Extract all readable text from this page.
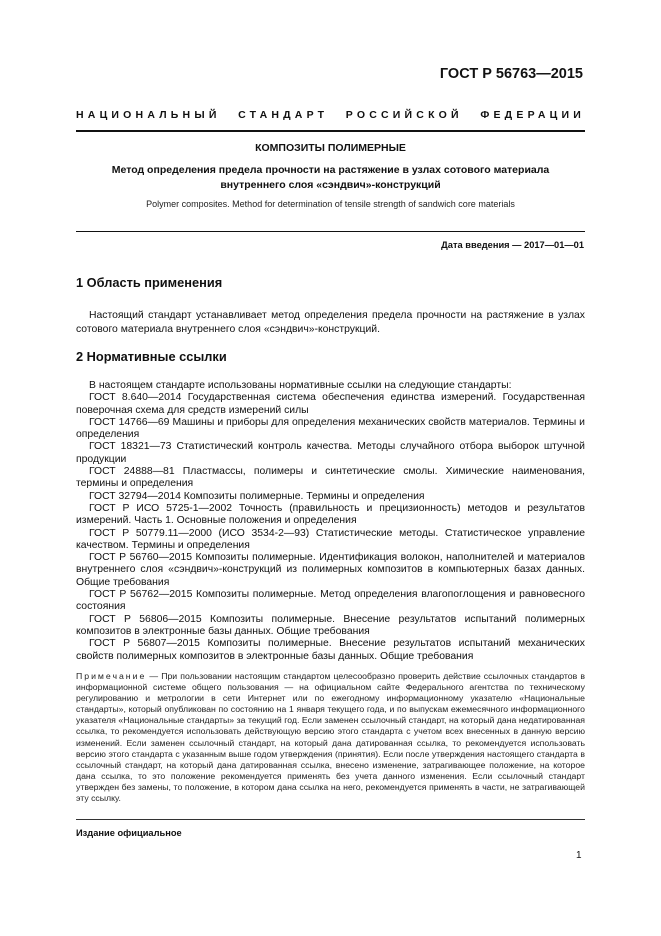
ГОСТ Р 56763—2015
НАЦИОНАЛЬНЫЙ СТАНДАРТ РОССИЙСКОЙ ФЕДЕРАЦИИ
КОМПОЗИТЫ ПОЛИМЕРНЫЕ
Метод определения предела прочности на растяжение в узлах сотового материала
внутреннего слоя «сэндвич»-конструкций
Polymer composites. Method for determination of tensile strength of sandwich core materials
Дата введения — 2017—01—01
1 Область применения

Настоящий стандарт устанавливает метод определения предела прочности на растяжение в узлах сотового материала внутреннего слоя «сэндвич»-конструкций.

2 Нормативные ссылки

В настоящем стандарте использованы нормативные ссылки на следующие стандарты:

ГОСТ 8.640—2014 Государственная система обеспечения единства измерений. Государственная поверочная схема для средств измерений силы

ГОСТ 14766—69 Машины и приборы для определения механических свойств материалов. Термины и определения

ГОСТ 18321—73 Статистический контроль качества. Методы случайного отбора выборок штучной продукции

ГОСТ 24888—81 Пластмассы, полимеры и синтетические смолы. Химические наименования, термины и определения

ГОСТ 32794—2014 Композиты полимерные. Термины и определения

ГОСТ Р ИСО 5725-1—2002 Точность (правильность и прецизионность) методов и результатов измерений. Часть 1. Основные положения и определения

ГОСТ Р 50779.11—2000 (ИСО 3534-2—93) Статистические методы. Статистическое управление качеством. Термины и определения

ГОСТ Р 56760—2015 Композиты полимерные. Идентификация волокон, наполнителей и материалов внутреннего слоя «сэндвич»-конструкций из полимерных композитов в компьютерных базах данных. Общие требования

ГОСТ Р 56762—2015 Композиты полимерные. Метод определения влагопоглощения и равновесного состояния

ГОСТ Р 56806—2015 Композиты полимерные. Внесение результатов испытаний полимерных композитов в электронные базы данных. Общие требования

ГОСТ Р 56807—2015 Композиты полимерные. Внесение результатов испытаний механических свойств полимерных композитов в электронные базы данных. Общие требования

Примечание — При пользовании настоящим стандартом целесообразно проверить действие ссылочных стандартов в информационной системе общего пользования — на официальном сайте Федерального агентства по техническому регулированию и метрологии в сети Интернет или по ежегодному информационному указателю «Национальные стандарты», который опубликован по состоянию на 1 января текущего года, и по выпускам ежемесячного информационного указателя «Национальные стандарты» за текущий год. Если заменен ссылочный стандарт, на который дана недатированная ссылка, то рекомендуется использовать действующую версию этого стандарта с учетом всех внесенных в данную версию изменений. Если заменен ссылочный стандарт, на который дана датированная ссылка, то рекомендуется использовать версию этого стандарта с указанным выше годом утверждения (принятия). Если после утверждения настоящего стандарта в ссылочный стандарт, на который дана датированная ссылка, внесено изменение, затрагивающее положение, на которое дана ссылка, то это положение рекомендуется применять без учета данного изменения. Если ссылочный стандарт утвержден без замены, то положение, в котором дана ссылка на него, рекомендуется применять в части, не затрагивающей эту ссылку.

Издание официальное
1
